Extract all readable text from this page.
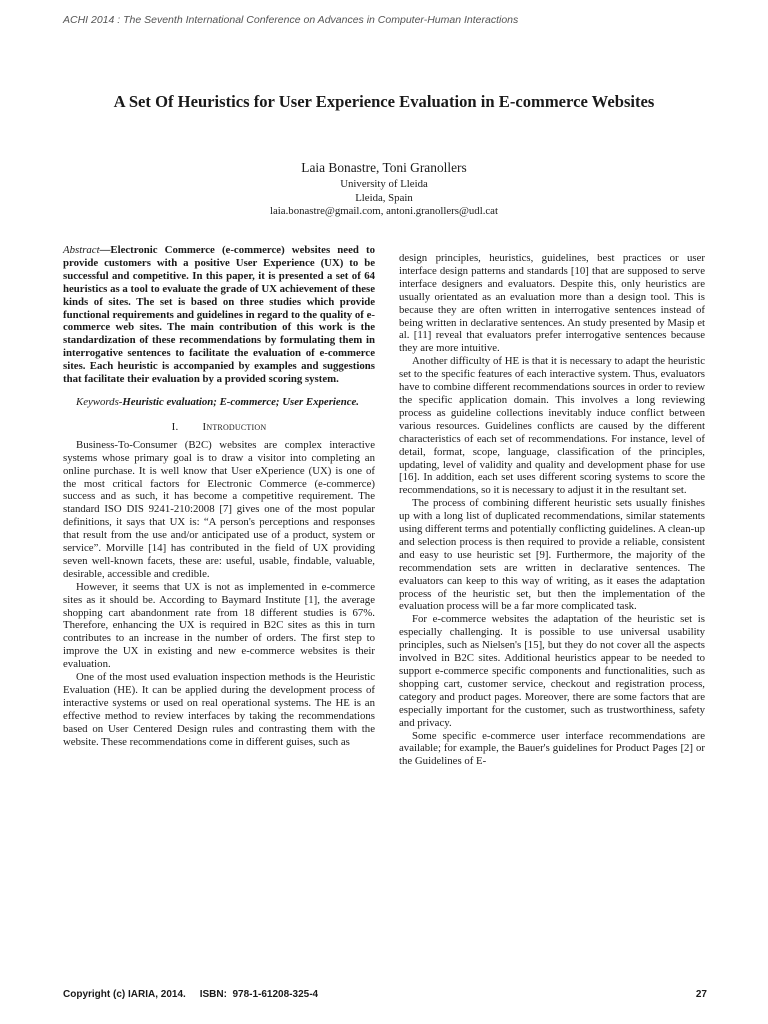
ACHI 2014 : The Seventh International Conference on Advances in Computer-Human Interactions
A Set Of Heuristics for User Experience Evaluation in E-commerce Websites
Laia Bonastre, Toni Granollers
University of Lleida
Lleida, Spain
laia.bonastre@gmail.com, antoni.granollers@udl.cat

Abstract—Electronic Commerce (e-commerce) websites need to provide customers with a positive User Experience (UX) to be successful and competitive. In this paper, it is presented a set of 64 heuristics as a tool to evaluate the grade of UX achievement of these kinds of sites. The set is based on three studies which provide functional requirements and guidelines in regard to the quality of e-commerce web sites. The main contribution of this work is the standardization of these recommendations by formulating them in interrogative sentences to facilitate the evaluation of e-commerce sites. Each heuristic is accompanied by examples and suggestions that facilitate their evaluation by a provided scoring system.

Keywords-Heuristic evaluation; E-commerce; User Experience.

I. Introduction

Business-To-Consumer (B2C) websites are complex interactive systems whose primary goal is to draw a visitor into completing an online purchase. It is well know that User eXperience (UX) is one of the most critical factors for Electronic Commerce (e-commerce) success and as such, it has become a competitive requirement. The standard ISO DIS 9241-210:2008 [7] gives one of the most popular definitions, it says that UX is: “A person's perceptions and responses that result from the use and/or anticipated use of a product, system or service”. Morville [14] has contributed in the field of UX providing seven well-known facets, these are: useful, usable, findable, valuable, desirable, accessible and credible.

However, it seems that UX is not as implemented in e-commerce sites as it should be. According to Baymard Institute [1], the average shopping cart abandonment rate from 18 different studies is 67%. Therefore, enhancing the UX is required in B2C sites as this in turn contributes to an increase in the number of orders. The first step to improve the UX in existing and new e-commerce websites is their evaluation.

One of the most used evaluation inspection methods is the Heuristic Evaluation (HE). It can be applied during the development process of interactive systems or used on real operational systems. The HE is an effective method to review interfaces by taking the recommendations based on User Centered Design rules and contrasting them with the website. These recommendations come in different guises, such as

design principles, heuristics, guidelines, best practices or user interface design patterns and standards [10] that are supposed to serve interface designers and evaluators. Despite this, only heuristics are usually orientated as an evaluation more than a design tool. This is because they are often written in interrogative sentences instead of being written in declarative sentences. An study presented by Masip et al. [11] reveal that evaluators prefer interrogative sentences because they are more intuitive.

Another difficulty of HE is that it is necessary to adapt the heuristic set to the specific features of each interactive system. Thus, evaluators have to combine different recommendations sources in order to review the specific application domain. This involves a long reviewing process as guideline collections inevitably induce conflict between various resources. Guidelines conflicts are caused by the different characteristics of each set of recommendations. For instance, level of detail, format, scope, language, classification of the principles, updating, level of validity and quality and development phase for use [16]. In addition, each set uses different scoring systems to score the recommendations, so it is necessary to adjust it in the resultant set.

The process of combining different heuristic sets usually finishes up with a long list of duplicated recommendations, similar statements using different terms and potentially conflicting guidelines. A clean-up and selection process is then required to provide a reliable, consistent and easy to use heuristic set [9]. Furthermore, the majority of the recommendation sets are written in declarative sentences. The evaluators can keep to this way of writing, as it eases the adaptation process of the heuristic set, but then the implementation of the evaluation process will be a far more complicated task.

For e-commerce websites the adaptation of the heuristic set is especially challenging. It is possible to use universal usability principles, such as Nielsen's [15], but they do not cover all the aspects involved in B2C sites. Additional heuristics appear to be needed to support e-commerce specific components and functionalities, such as shopping cart, customer service, checkout and registration process, category and product pages. Moreover, there are some factors that are especially important for the customer, such as trustworthiness, safety and privacy.

Some specific e-commerce user interface recommendations are available; for example, the Bauer's guidelines for Product Pages [2] or the Guidelines of E-

Copyright (c) IARIA, 2014.     ISBN:  978-1-61208-325-4	27
